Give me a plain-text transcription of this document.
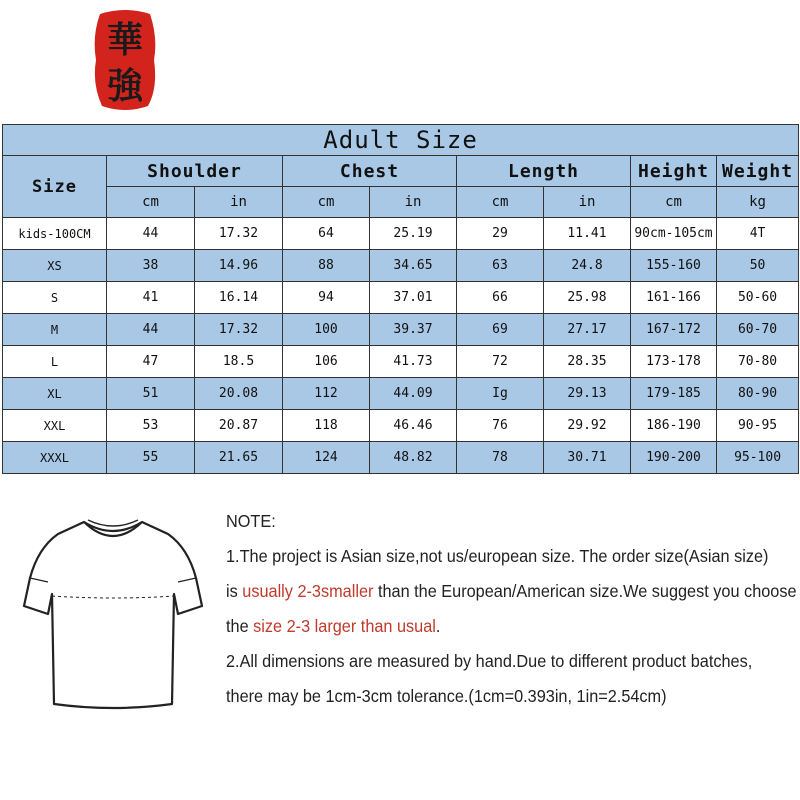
華
強
Adult Size								
Size	Shoulder		Chest		Length		Height	Weight
	cm	in	cm	in	cm	in	cm	kg
kids-100CM	44	17.32	64	25.19	29	11.41	90cm-105cm	4T
XS	38	14.96	88	34.65	63	24.8	155-160	50
S	41	16.14	94	37.01	66	25.98	161-166	50-60
M	44	17.32	100	39.37	69	27.17	167-172	60-70
L	47	18.5	106	41.73	72	28.35	173-178	70-80
XL	51	20.08	112	44.09	Ig	29.13	179-185	80-90
XXL	53	20.87	118	46.46	76	29.92	186-190	90-95
XXXL	55	21.65	124	48.82	78	30.71	190-200	95-100
NOTE:
1.The project is Asian size,not us/european size. The order size(Asian size)
is usually 2-3smaller than the European/American size.We suggest you choose
the size 2-3 larger than usual.
2.All dimensions are measured by hand.Due to different product batches,
there may be 1cm-3cm tolerance.(1cm=0.393in, 1in=2.54cm)
